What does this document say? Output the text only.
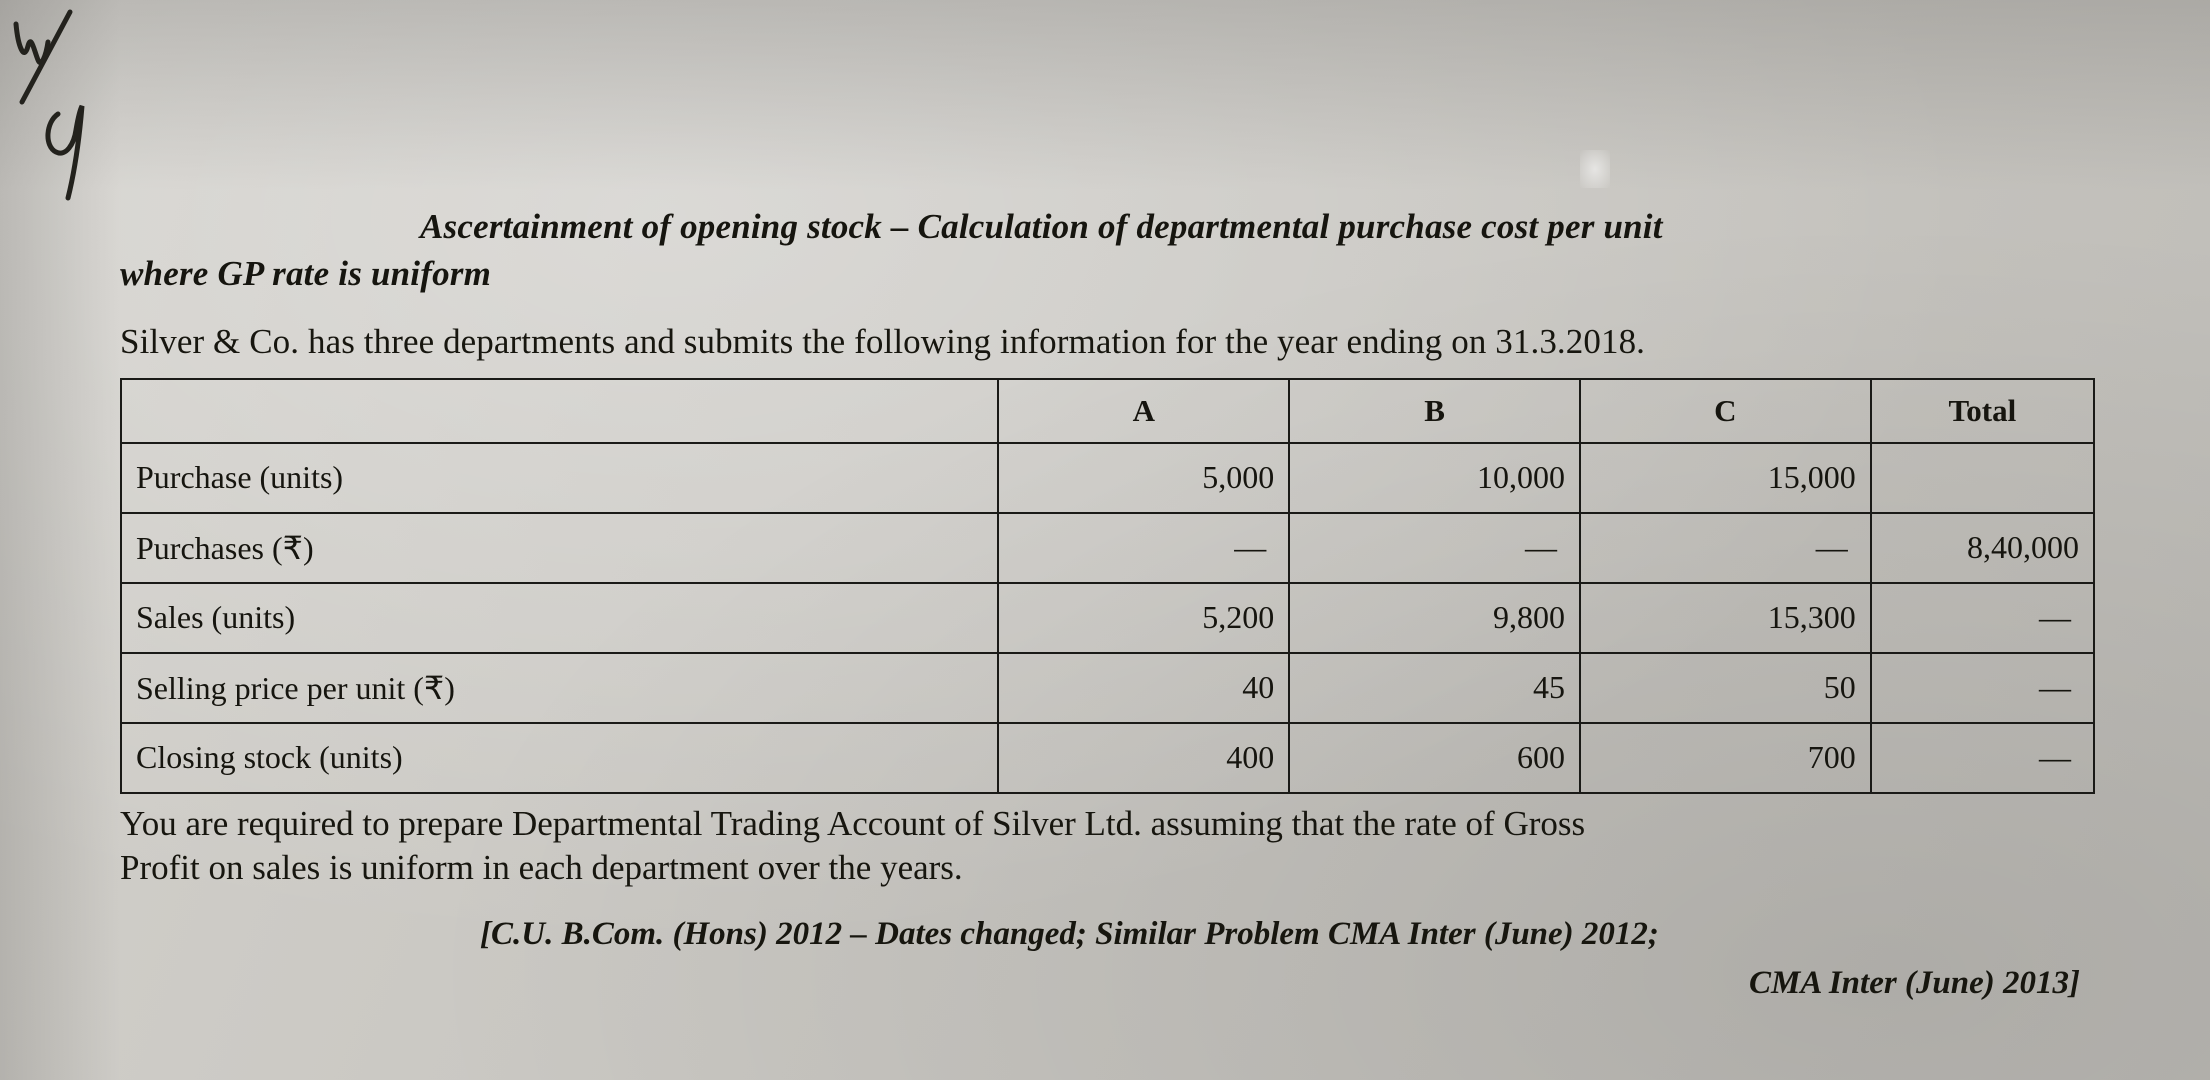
Ascertainment of opening stock – Calculation of departmental purchase cost per unit
where GP rate is uniform
Silver & Co. has three departments and submits the following information for the year ending on 31.3.2018.
	A	B	C	Total
Purchase (units)	5,000	10,000	15,000	
Purchases (₹)	—	—	—	8,40,000
Sales (units)	5,200	9,800	15,300	—
Selling price per unit (₹)	40	45	50	—
Closing stock (units)	400	600	700	—
You are required to prepare Departmental Trading Account of Silver Ltd. assuming that the rate of Gross
Profit on sales is uniform in each department over the years.
[C.U. B.Com. (Hons) 2012 – Dates changed; Similar Problem CMA Inter (June) 2012;
CMA Inter (June) 2013]
